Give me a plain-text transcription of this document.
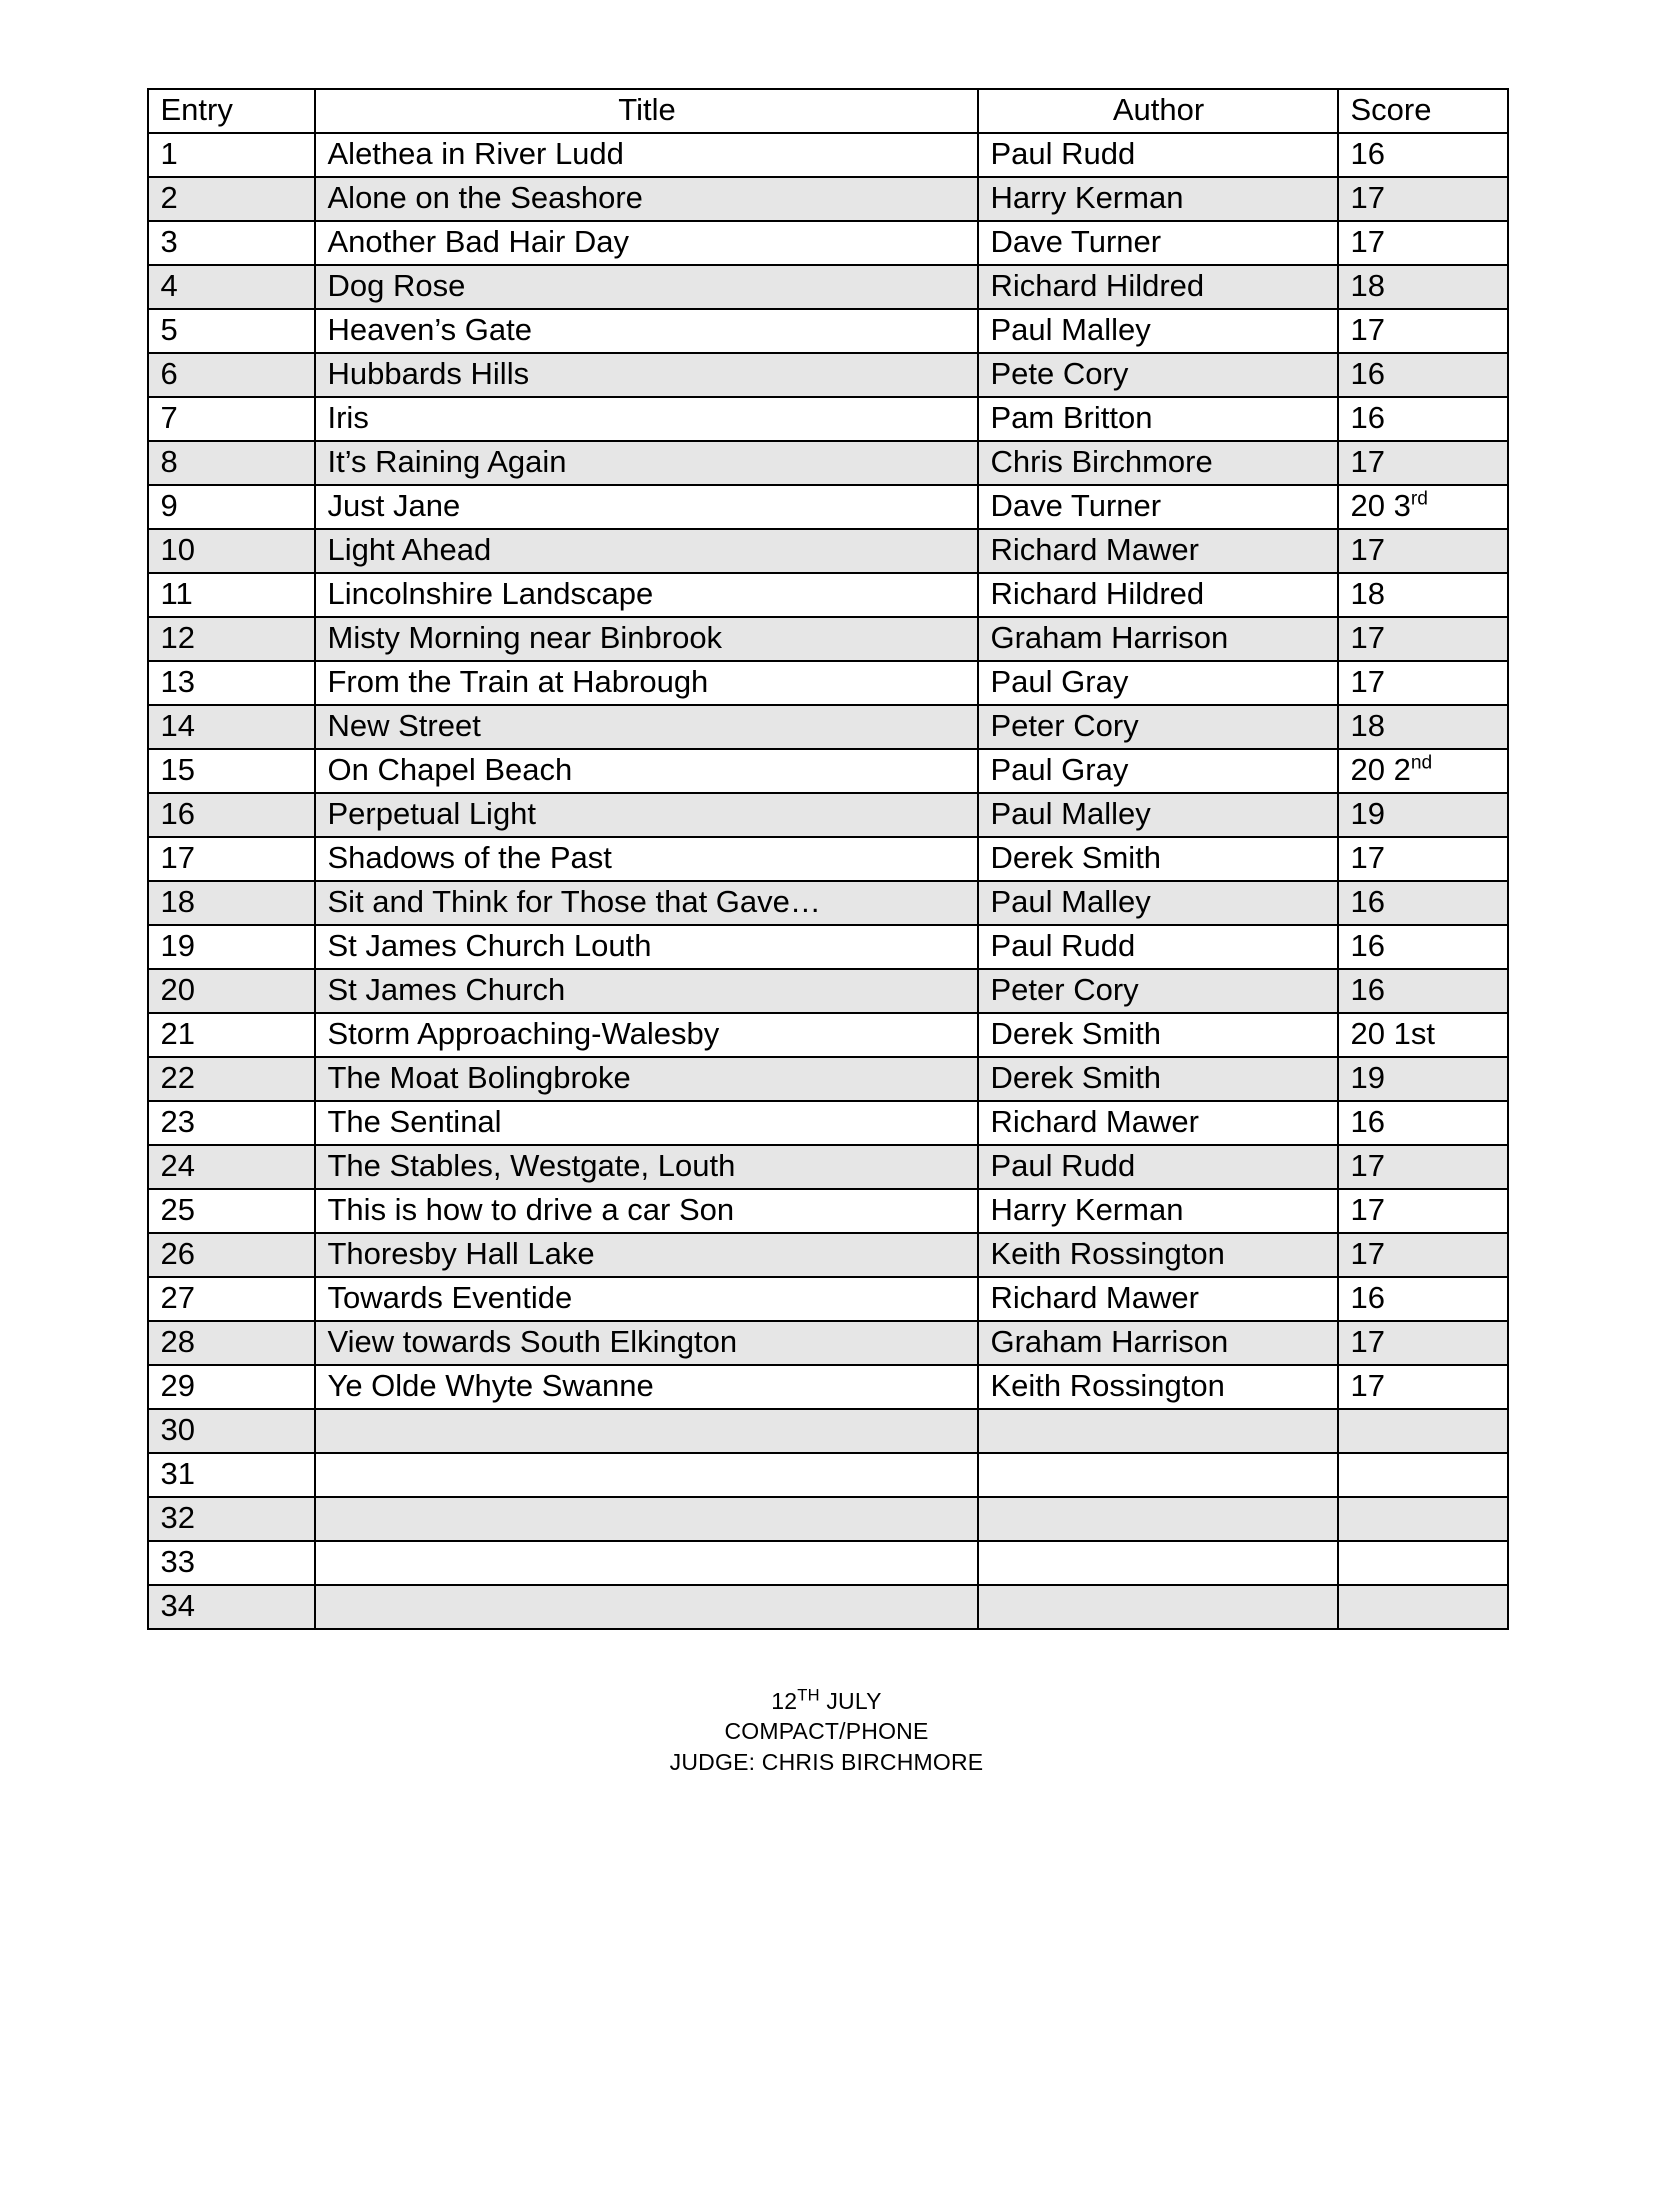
Entry	Title	Author	Score
1	Alethea in River Ludd	Paul Rudd	16
2	Alone on the Seashore	Harry Kerman	17
3	Another Bad Hair Day	Dave Turner	17
4	Dog Rose	Richard Hildred	18
5	Heaven’s Gate	Paul Malley	17
6	Hubbards Hills	Pete Cory	16
7	Iris	Pam Britton	16
8	It’s Raining Again	Chris Birchmore	17
9	Just Jane	Dave Turner	20 3rd
10	Light Ahead	Richard Mawer	17
11	Lincolnshire Landscape	Richard Hildred	18
12	Misty Morning near Binbrook	Graham Harrison	17
13	From the Train at Habrough	Paul Gray	17
14	New Street	Peter Cory	18
15	On Chapel Beach	Paul Gray	20 2nd
16	Perpetual Light	Paul Malley	19
17	Shadows of the Past	Derek Smith	17
18	Sit and Think for Those that Gave…	Paul Malley	16
19	St James Church Louth	Paul Rudd	16
20	St James Church	Peter Cory	16
21	Storm Approaching-Walesby	Derek Smith	20 1st
22	The Moat Bolingbroke	Derek Smith	19
23	The Sentinal	Richard Mawer	16
24	The Stables, Westgate, Louth	Paul Rudd	17
25	This is how to drive a car Son	Harry Kerman	17
26	Thoresby Hall Lake	Keith Rossington	17
27	Towards Eventide	Richard Mawer	16
28	View towards South Elkington	Graham Harrison	17
29	Ye Olde Whyte Swanne	Keith Rossington	17
30			
31			
32			
33			
34			
12TH JULY
COMPACT/PHONE
JUDGE: CHRIS BIRCHMORE
